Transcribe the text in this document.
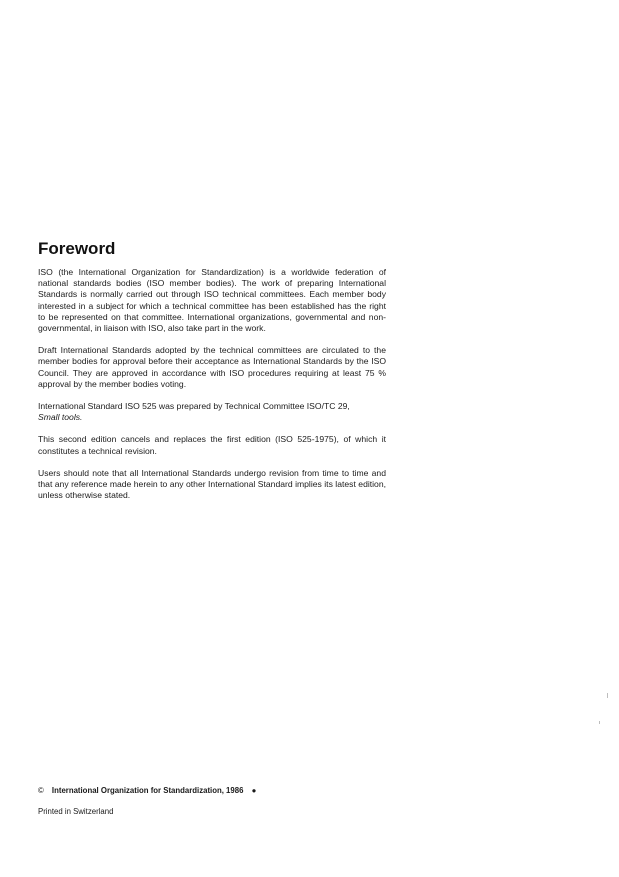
Foreword

ISO (the International Organization for Standardization) is a worldwide federation of national standards bodies (ISO member bodies). The work of preparing International Standards is normally carried out through ISO technical committees. Each member body interested in a subject for which a technical committee has been established has the right to be represented on that committee. International organizations, governmental and non-governmental, in liaison with ISO, also take part in the work.

Draft International Standards adopted by the technical committees are circulated to the member bodies for approval before their acceptance as International Standards by the ISO Council. They are approved in accordance with ISO procedures requiring at least 75 % approval by the member bodies voting.

International Standard ISO 525 was prepared by Technical Committee ISO/TC 29,
Small tools.

This second edition cancels and replaces the first edition (ISO 525-1975), of which it constitutes a technical revision.

Users should note that all International Standards undergo revision from time to time and that any reference made herein to any other International Standard implies its latest edition, unless otherwise stated.

© International Organization for Standardization, 1986 ●
Printed in Switzerland
